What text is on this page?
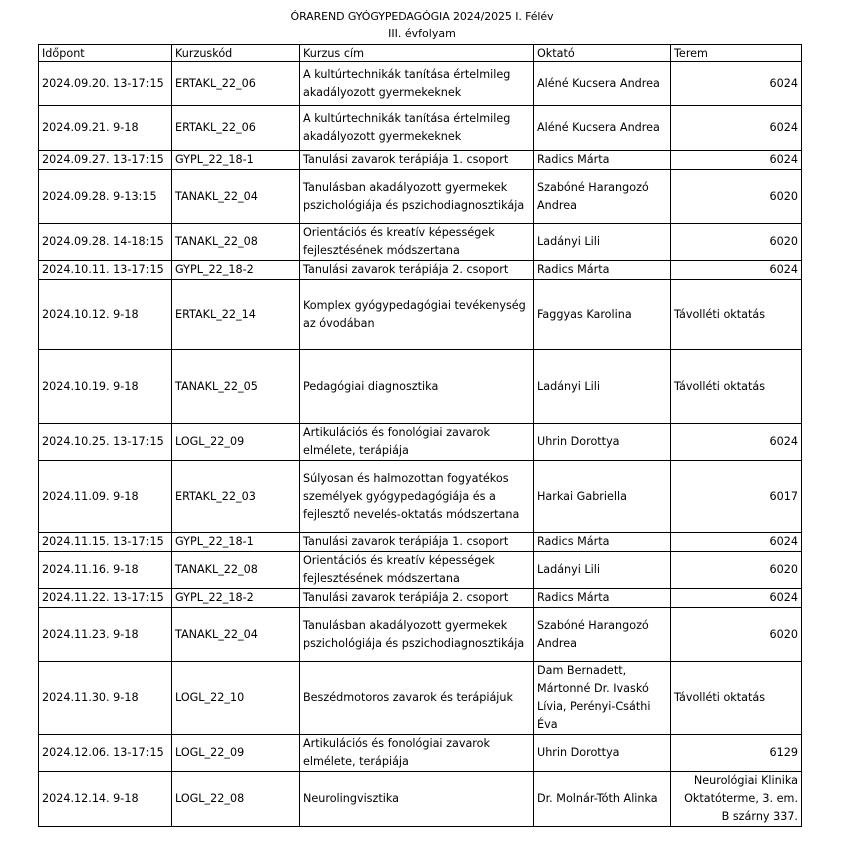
ÓRAREND GYÓGYPEDAGÓGIA 2024/2025 I. Félév
III. évfolyam
Időpont	Kurzuskód	Kurzus cím	Oktató	Terem
2024.09.20. 13-17:15	ERTAKL_22_06	A kultúrtechnikák tanítása értelmileg akadályozott gyermekeknek	Aléné Kucsera Andrea	6024
2024.09.21. 9-18	ERTAKL_22_06	A kultúrtechnikák tanítása értelmileg akadályozott gyermekeknek	Aléné Kucsera Andrea	6024
2024.09.27. 13-17:15	GYPL_22_18-1	Tanulási zavarok terápiája 1. csoport	Radics Márta	6024
2024.09.28. 9-13:15	TANAKL_22_04	Tanulásban akadályozott gyermekek pszichológiája és pszichodiagnosztikája	Szabóné Harangozó Andrea	6020
2024.09.28. 14-18:15	TANAKL_22_08	Orientációs és kreatív képességek fejlesztésének módszertana	Ladányi Lili	6020
2024.10.11. 13-17:15	GYPL_22_18-2	Tanulási zavarok terápiája 2. csoport	Radics Márta	6024
2024.10.12. 9-18	ERTAKL_22_14	Komplex gyógypedagógiai tevékenység az óvodában	Faggyas Karolina	Távolléti oktatás
2024.10.19. 9-18	TANAKL_22_05	Pedagógiai diagnosztika	Ladányi Lili	Távolléti oktatás
2024.10.25. 13-17:15	LOGL_22_09	Artikulációs és fonológiai zavarok elmélete, terápiája	Uhrin Dorottya	6024
2024.11.09. 9-18	ERTAKL_22_03	Súlyosan és halmozottan fogyatékos személyek gyógypedagógiája és a fejlesztő nevelés-oktatás módszertana	Harkai Gabriella	6017
2024.11.15. 13-17:15	GYPL_22_18-1	Tanulási zavarok terápiája 1. csoport	Radics Márta	6024
2024.11.16. 9-18	TANAKL_22_08	Orientációs és kreatív képességek fejlesztésének módszertana	Ladányi Lili	6020
2024.11.22. 13-17:15	GYPL_22_18-2	Tanulási zavarok terápiája 2. csoport	Radics Márta	6024
2024.11.23. 9-18	TANAKL_22_04	Tanulásban akadályozott gyermekek pszichológiája és pszichodiagnosztikája	Szabóné Harangozó Andrea	6020
2024.11.30. 9-18	LOGL_22_10	Beszédmotoros zavarok és terápiájuk	Dam Bernadett, Mártonné Dr. Ivaskó Lívia, Perényi-Csáthi Éva	Távolléti oktatás
2024.12.06. 13-17:15	LOGL_22_09	Artikulációs és fonológiai zavarok elmélete, terápiája	Uhrin Dorottya	6129
2024.12.14. 9-18	LOGL_22_08	Neurolingvisztika	Dr. Molnár-Tóth Alinka	Neurológiai Klinika Oktatóterme, 3. em. B szárny 337.
